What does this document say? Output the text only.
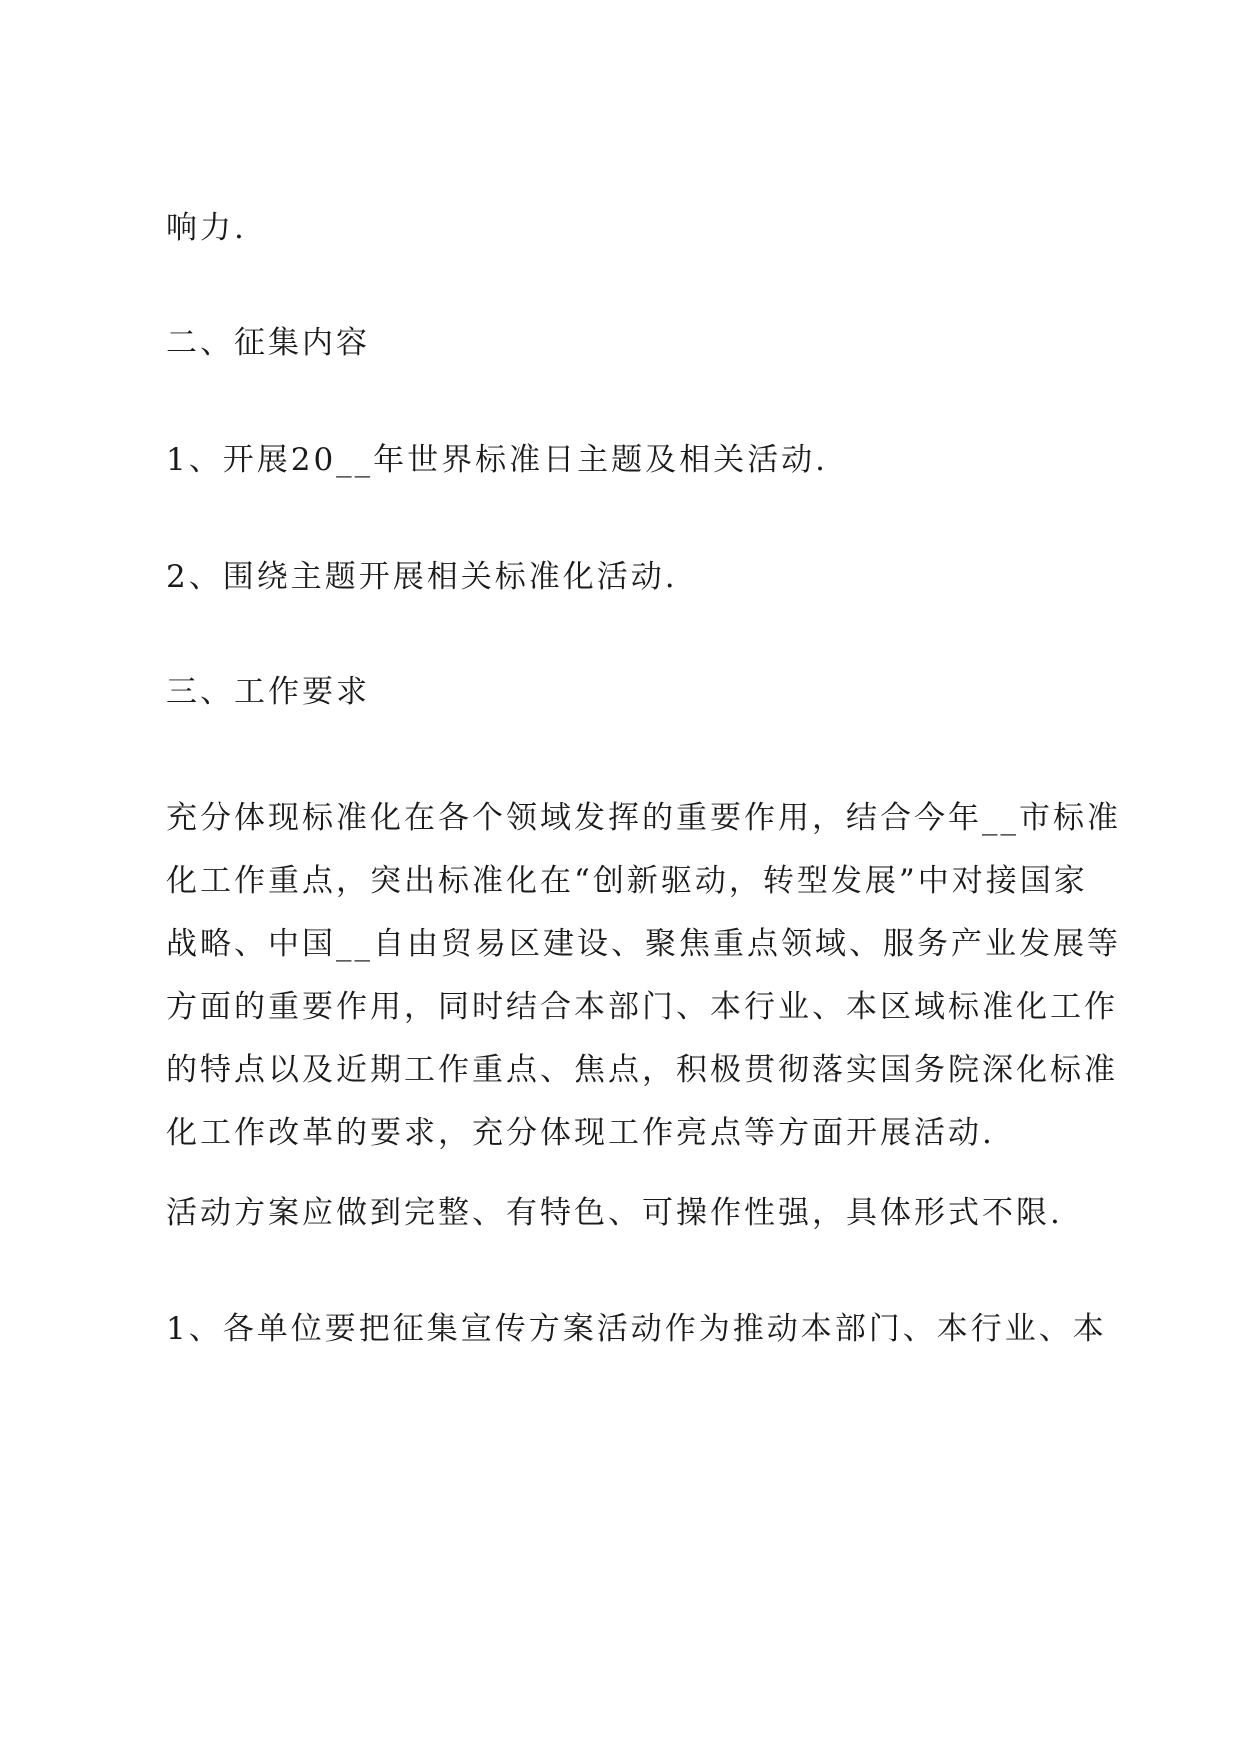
响力.
二、征集内容
1、开展20__年世界标准日主题及相关活动.
2、围绕主题开展相关标准化活动.
三、工作要求
充分体现标准化在各个领域发挥的重要作用，结合今年__市标准
化工作重点，突出标准化在“创新驱动，转型发展”中对接国家
战略、中国__自由贸易区建设、聚焦重点领域、服务产业发展等
方面的重要作用，同时结合本部门、本行业、本区域标准化工作
的特点以及近期工作重点、焦点，积极贯彻落实国务院深化标准
化工作改革的要求，充分体现工作亮点等方面开展活动.
活动方案应做到完整、有特色、可操作性强，具体形式不限.
1、各单位要把征集宣传方案活动作为推动本部门、本行业、本
